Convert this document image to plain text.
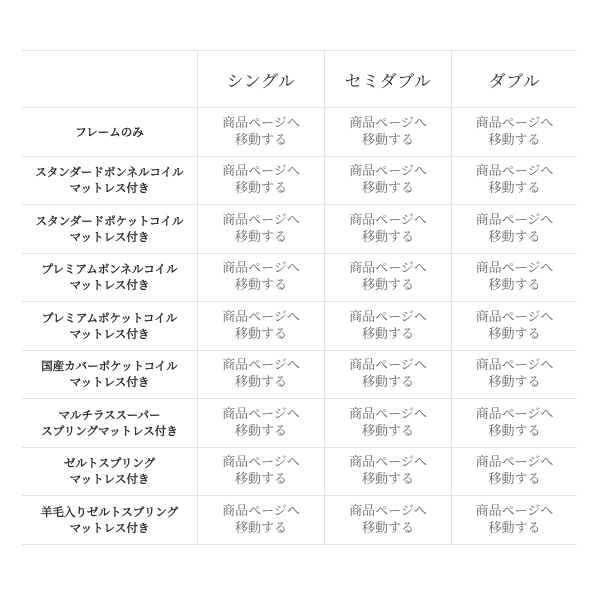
シングル	セミダブル	ダブル
フレームのみ
商品ページへ
移動する
商品ページへ
移動する
商品ページへ
移動する
スタンダードボンネルコイル
マットレス付き
商品ページへ
移動する
商品ページへ
移動する
商品ページへ
移動する
スタンダードポケットコイル
マットレス付き
商品ページへ
移動する
商品ページへ
移動する
商品ページへ
移動する
プレミアムボンネルコイル
マットレス付き
商品ページへ
移動する
商品ページへ
移動する
商品ページへ
移動する
プレミアムポケットコイル
マットレス付き
商品ページへ
移動する
商品ページへ
移動する
商品ページへ
移動する
国産カバーポケットコイル
マットレス付き
商品ページへ
移動する
商品ページへ
移動する
商品ページへ
移動する
マルチラススーパー
スプリングマットレス付き
商品ページへ
移動する
商品ページへ
移動する
商品ページへ
移動する
ゼルトスプリング
マットレス付き
商品ページへ
移動する
商品ページへ
移動する
商品ページへ
移動する
羊毛入りゼルトスプリング
マットレス付き
商品ページへ
移動する
商品ページへ
移動する
商品ページへ
移動する
